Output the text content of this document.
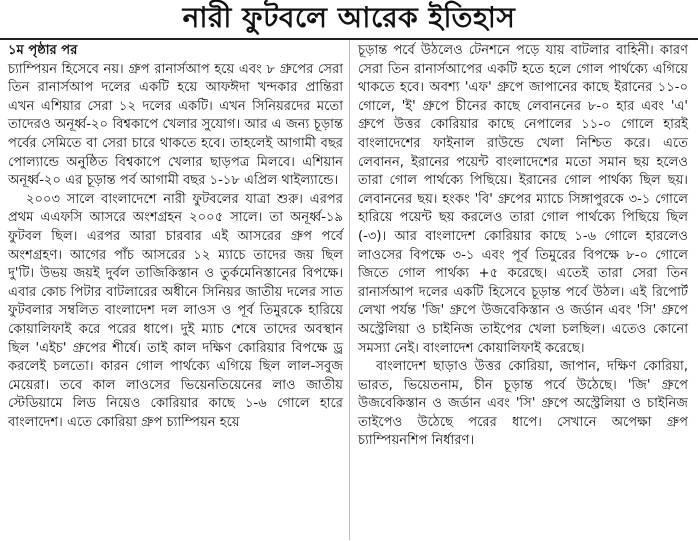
নারী ফুটবলে আরেক ইতিহাস

১ম পৃষ্ঠার পর

চ্যাম্পিয়ন হিসেবে নয়। গ্রুপ রানার্সআপ হয়ে এবং ৮ গ্রুপের সেরা তিন রানার্সআপ দলের একটি হয়ে আফঈদা খন্দকার প্রান্তিরা এখন এশিয়ার সেরা ১২ দলের একটি। এখন সিনিয়রদের মতো তাদেরও অনূর্ধ্ব-২০ বিশ্বকাপে খেলার সুযোগ। আর এ জন্য চূড়ান্ত পর্বের সেমিতে বা সেরা চারে থাকতে হবে। তাহলেই আগামী বছর পোল্যান্ডে অনুষ্ঠিত বিশ্বকাপে খেলার ছাড়পত্র মিলবে। এশিয়ান অনূর্ধ্ব-২০ এর চূড়ান্ত পর্ব আগামী বছর ১-১৮ এপ্রিল থাইল্যান্ডে।

২০০৩ সালে বাংলাদেশে নারী ফুটবলের যাত্রা শুরু। এরপর প্রথম এএফসি আসরে অংশগ্রহন ২০০৫ সালে। তা অনূর্ধ্ব-১৯ ফুটবল ছিল। এরপর আরা চারবার এই আসরের গ্রুপ পর্বে অংশগ্রহণ। আগের পাঁচ আসরের ১২ ম্যাচে তাদের জয় ছিল দু'টি। উভয় জয়ই দুর্বল তাজিকিস্তান ও তুর্কমেনিস্তানের বিপক্ষে। এবার কোচ পিটার বাটলারের অধীনে সিনিয়র জাতীয় দলের সাত ফুটবলার সম্বলিত বাংলাদেশ দল লাওস ও পূর্ব তিমুরকে হারিয়ে কোয়ালিফাই করে পরের ধাপে। দুই ম্যাচ শেষে তাদের অবস্থান ছিল 'এইচ' গ্রুপের শীর্ষে। তাই কাল দক্ষিণ কোরিয়ার বিপক্ষে ড্র করলেই চলতো। কারন গোল পার্থক্যে এগিয়ে ছিল লাল-সবুজ মেয়েরা। তবে কাল লাওসের ভিয়েনতিয়েনের লাও জাতীয় স্টেডিয়ামে লিড নিয়েও কোরিয়ার কাছে ১-৬ গোলে হারে বাংলাদেশ। এতে কোরিয়া গ্রুপ চ্যাম্পিয়ন হয়ে

চূড়ান্ত পর্বে উঠলেও টেনশনে পড়ে যায় বাটলার বাহিনী। কারণ সেরা তিন রানার্সআপের একটি হতে হলে গোল পার্থক্যে এগিয়ে থাকতে হবে। অবশ্য 'এফ' গ্রুপে জাপানের কাছে ইরানের ১১-০ গোলে, 'ই' গ্রুপে চীনের কাছে লেবাননের ৮-০ হার এবং 'এ' গ্রুপে উত্তর কোরিয়ার কাছে নেপালের ১১-০ গোলে হারই বাংলাদেশের ফাইনাল রাউন্ডে খেলা নিশ্চিত করে। এতে লেবানন, ইরানের পয়েন্ট বাংলাদেশের মতো সমান ছয় হলেও তারা গোল পার্থক্যে পিছিয়ে। ইরানের গোল পার্থক্য ছিল ছয়। লেবাননের ছয়। হংকং 'বি' গ্রুপের ম্যাচে সিঙ্গাপুরকে ৩-১ গোলে হারিয়ে পয়েন্ট ছয় করলেও তারা গোল পার্থক্যে পিছিয়ে ছিল (-৩)। আর বাংলাদেশ কোরিয়ার কাছে ১-৬ গোলে হারলেও লাওসের বিপক্ষে ৩-১ এবং পূর্ব তিমুরের বিপক্ষে ৮-০ গোলে জিতে গোল পার্থক্য +৫ করেছে। এতেই তারা সেরা তিন রানার্সআপ দলের একটি হিসেবে চূড়ান্ত পর্বে উঠল। এই রিপোর্ট লেখা পর্যন্ত 'জি' গ্রুপে উজবেকিস্তান ও জর্ডান এবং 'সি' গ্রুপে অস্ট্রেলিয়া ও চাইনিজ তাইপের খেলা চলছিল। এতেও কোনো সমস্যা নেই। বাংলাদেশ কোয়ালিফাই করেছে।

বাংলাদেশ ছাড়াও উত্তর কোরিয়া, জাপান, দক্ষিণ কোরিয়া, ভারত, ভিয়েতনাম, চীন চূড়ান্ত পর্বে উঠেছে। 'জি' গ্রুপে উজবেকিস্তান ও জর্ডান এবং 'সি' গ্রুপে অস্ট্রেলিয়া ও চাইনিজ তাইপেও উঠেছে পরের ধাপে। সেখানে অপেক্ষা গ্রুপ চ্যাম্পিয়নশিপ নির্ধারণ।
